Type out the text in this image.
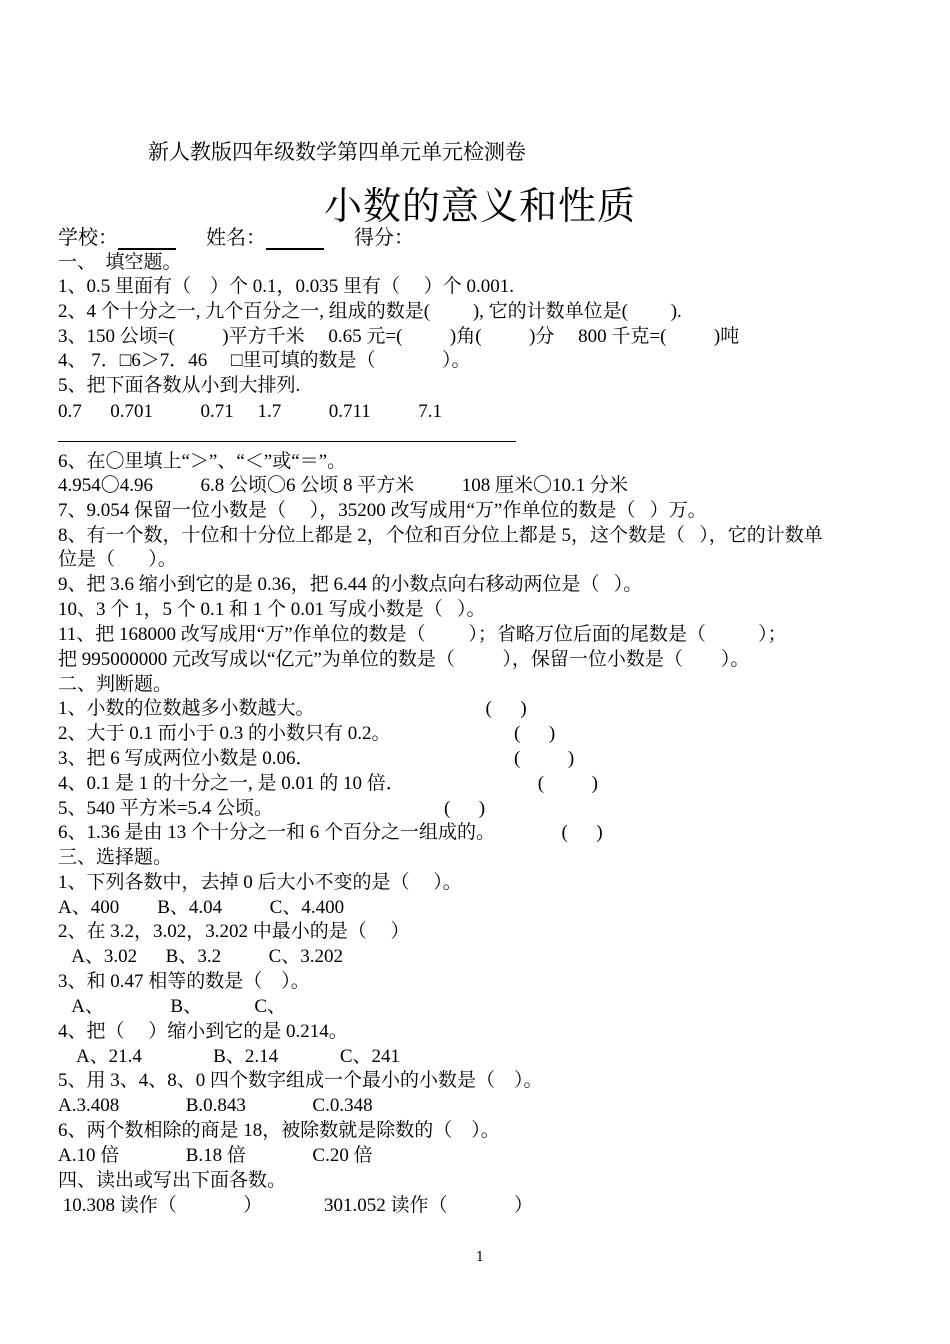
新人教版四年级数学第四单元单元检测卷
小数的意义和性质
学校：	姓名：	得分：
一、  填空题。
1、0.5 里面有（    ）个 0.1，0.035 里有（     ）个 0.001.
2、4 个十分之一, 九个百分之一, 组成的数是(         ), 它的计数单位是(         ).
3、150 公顷=(          )平方千米     0.65 元=(          )角(          )分     800 千克=(          )吨
4、 7．□6＞7．46     □里可填的数是（              ）。
5、把下面各数从小到大排列.
0.7      0.701          0.71     1.7          0.711          7.1
6、在〇里填上“＞”、“＜”或“＝”。
4.954〇4.96          6.8 公顷〇6 公顷 8 平方米          108 厘米〇10.1 分米
7、9.054 保留一位小数是（     ），35200 改写成用“万”作单位的数是（   ）万。
8、有一个数，十位和十分位上都是 2，个位和百分位上都是 5，这个数是（   ），它的计数单
位是（       ）。
9、把 3.6 缩小到它的是 0.36，把 6.44 的小数点向右移动两位是（   ）。
10、3 个 1，5 个 0.1 和 1 个 0.01 写成小数是（   ）。
11、把 168000 改写成用“万”作单位的数是（         ）；省略万位后面的尾数是（           ）；
把 995000000 元改写成以“亿元”为单位的数是（          ），保留一位小数是（        ）。
二、判断题。
1、小数的位数越多小数越大。                                    (      )
2、大于 0.1 而小于 0.3 的小数只有 0.2。                          (      )
3、把 6 写成两位小数是 0.06．                                          (          )
4、0.1 是 1 的十分之一, 是 0.01 的 10 倍．                            (          )
5、540 平方米=5.4 公顷。                                    (      )
6、1.36 是由 13 个十分之一和 6 个百分之一组成的。              (      )
三、选择题。
1、下列各数中，去掉 0 后大小不变的是（     ）。
A、400        B、4.04          C、4.400
2、在 3.2，3.02，3.202 中最小的是（     ）
A、3.02      B、3.2          C、3.202
3、和 0.47 相等的数是（    ）。
A、              B、           C、
4、把（     ）缩小到它的是 0.214。
A、21.4               B、2.14             C、241
5、用 3、4、8、0 四个数字组成一个最小的小数是（    ）。
A.3.408              B.0.843              C.0.348
6、两个数相除的商是 18，被除数就是除数的（    ）。
A.10 倍              B.18 倍              C.20 倍
四、读出或写出下面各数。
10.308 读作（              ）             301.052 读作（              ）
1
